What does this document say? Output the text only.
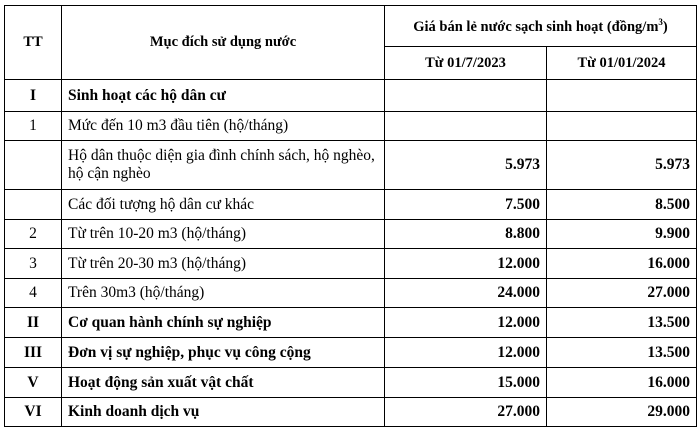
TT	Mục đích sử dụng nước	Giá bán lẻ nước sạch sinh hoạt $(đồng/m^3)$	
		Từ 01/7/2023	Từ 01/01/2024
I	Sinh hoạt các hộ dân cư		
1	Mức đến 10 m3 đầu tiên (hộ/tháng)		
	Hộ dân thuộc diện gia đình chính sách, hộ nghèo, hộ cận nghèo	5.973	5.973
	Các đối tượng hộ dân cư khác	7.500	8.500
2	Từ trên 10-20 m3 (hộ/tháng)	8.800	9.900
3	Từ trên 20-30 m3 (hộ/tháng)	12.000	16.000
4	Trên 30m3 (hộ/tháng)	24.000	27.000
II	Cơ quan hành chính sự nghiệp	12.000	13.500
III	Đơn vị sự nghiệp, phục vụ công cộng	12.000	13.500
V	Hoạt động sản xuất vật chất	15.000	16.000
VI	Kinh doanh dịch vụ	27.000	29.000
